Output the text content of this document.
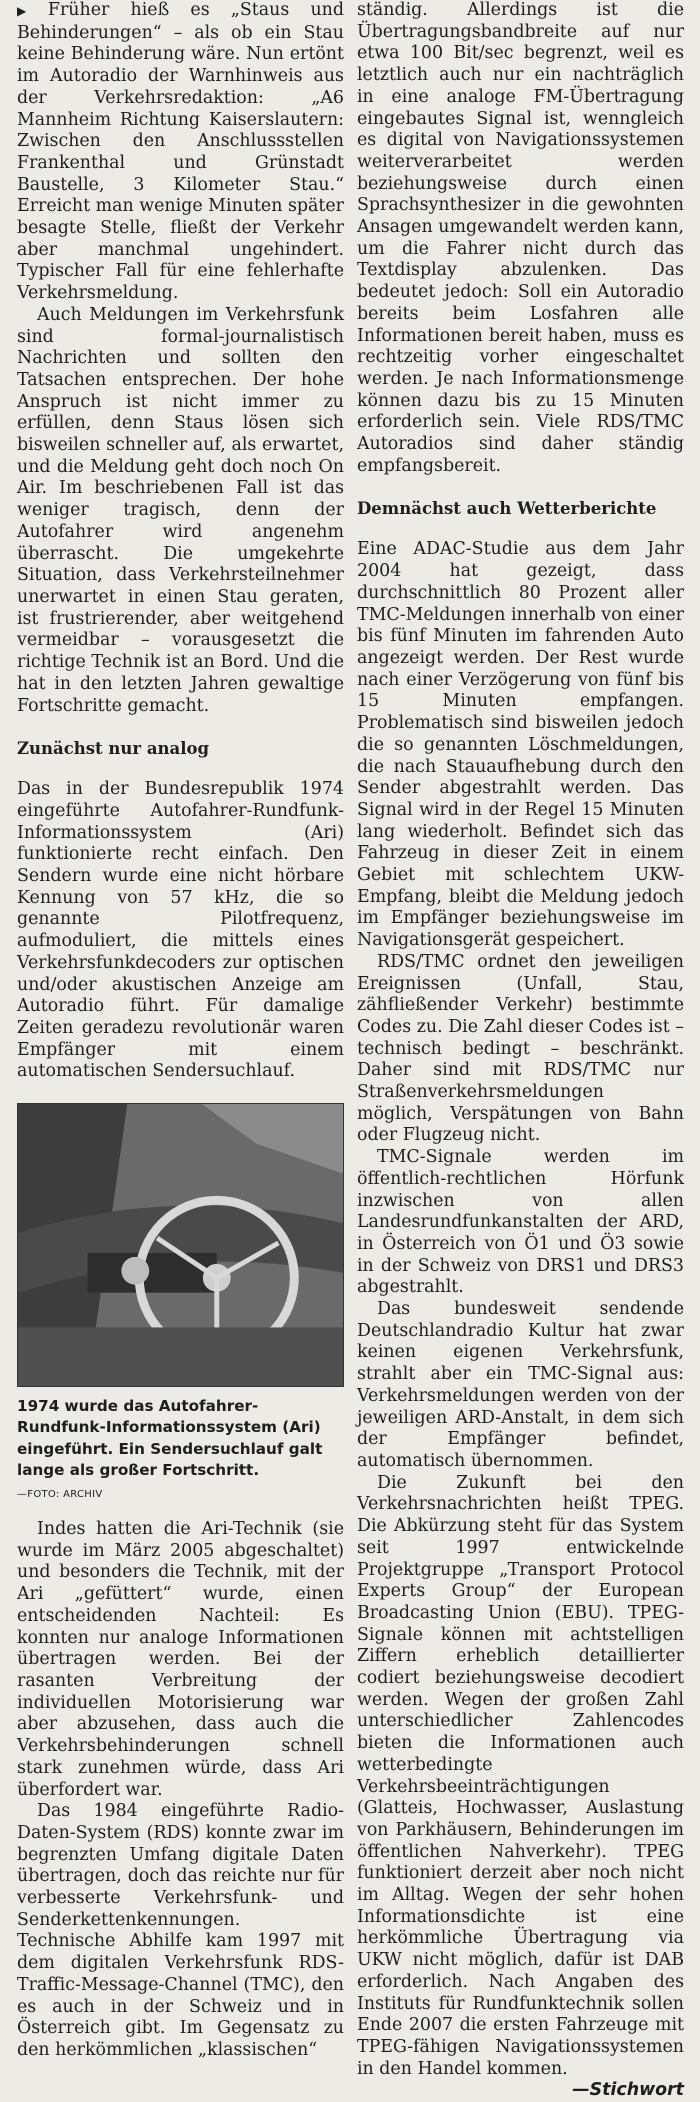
▶ Früher hieß es „Staus und Behinderungen“ – als ob ein Stau keine Behinderung wäre. Nun ertönt im Autoradio der Warnhinweis aus der Verkehrsredaktion: „A6 Mannheim Richtung Kaiserslautern: Zwischen den Anschlussstellen Frankenthal und Grünstadt Baustelle, 3 Kilometer Stau.“ Erreicht man wenige Minuten später besagte Stelle, fließt der Verkehr aber manchmal ungehindert. Typischer Fall für eine fehlerhafte Verkehrsmeldung.

Auch Meldungen im Verkehrsfunk sind formal-journalistisch Nachrichten und sollten den Tatsachen entsprechen. Der hohe Anspruch ist nicht immer zu erfüllen, denn Staus lösen sich bisweilen schneller auf, als erwartet, und die Meldung geht doch noch On Air. Im beschriebenen Fall ist das weniger tragisch, denn der Autofahrer wird angenehm überrascht. Die umgekehrte Situation, dass Verkehrsteilnehmer unerwartet in einen Stau geraten, ist frustrierender, aber weitgehend vermeidbar – vorausgesetzt die richtige Technik ist an Bord. Und die hat in den letzten Jahren gewaltige Fortschritte gemacht.

Zunächst nur analog

Das in der Bundesrepublik 1974 eingeführte Autofahrer-Rundfunk-Informationssystem (Ari) funktionierte recht einfach. Den Sendern wurde eine nicht hörbare Kennung von 57 kHz, die so genannte Pilotfrequenz, aufmoduliert, die mittels eines Verkehrsfunkdecoders zur optischen und/oder akustischen Anzeige am Autoradio führt. Für damalige Zeiten geradezu revolutionär waren Empfänger mit einem automatischen Sendersuchlauf.

1974 wurde das Autofahrer-Rundfunk-Informationssystem (Ari) eingeführt. Ein Sendersuchlauf galt lange als großer Fortschritt. —FOTO: ARCHIV

Indes hatten die Ari-Technik (sie wurde im März 2005 abgeschaltet) und besonders die Technik, mit der Ari „gefüttert“ wurde, einen entscheidenden Nachteil: Es konnten nur analoge Informationen übertragen werden. Bei der rasanten Verbreitung der individuellen Motorisierung war aber abzusehen, dass auch die Verkehrsbehinderungen schnell stark zunehmen würde, dass Ari überfordert war.

Das 1984 eingeführte Radio-Daten-System (RDS) konnte zwar im begrenzten Umfang digitale Daten übertragen, doch das reichte nur für verbesserte Verkehrsfunk- und Senderkettenkennungen. Technische Abhilfe kam 1997 mit dem digitalen Verkehrsfunk RDS-Traffic-Message-Channel (TMC), den es auch in der Schweiz und in Österreich gibt. Im Gegensatz zu den herkömmlichen „klassischen“

ständig. Allerdings ist die Übertragungsbandbreite auf nur etwa 100 Bit/sec begrenzt, weil es letztlich auch nur ein nachträglich in eine analoge FM-Übertragung eingebautes Signal ist, wenngleich es digital von Navigationssystemen weiterverarbeitet werden beziehungsweise durch einen Sprachsynthesizer in die gewohnten Ansagen umgewandelt werden kann, um die Fahrer nicht durch das Textdisplay abzulenken. Das bedeutet jedoch: Soll ein Autoradio bereits beim Losfahren alle Informationen bereit haben, muss es rechtzeitig vorher eingeschaltet werden. Je nach Informationsmenge können dazu bis zu 15 Minuten erforderlich sein. Viele RDS/TMC Autoradios sind daher ständig empfangsbereit.

Demnächst auch Wetterberichte

Eine ADAC-Studie aus dem Jahr 2004 hat gezeigt, dass durchschnittlich 80 Prozent aller TMC-Meldungen innerhalb von einer bis fünf Minuten im fahrenden Auto angezeigt werden. Der Rest wurde nach einer Verzögerung von fünf bis 15 Minuten empfangen. Problematisch sind bisweilen jedoch die so genannten Löschmeldungen, die nach Stauaufhebung durch den Sender abgestrahlt werden. Das Signal wird in der Regel 15 Minuten lang wiederholt. Befindet sich das Fahrzeug in dieser Zeit in einem Gebiet mit schlechtem UKW-Empfang, bleibt die Meldung jedoch im Empfänger beziehungsweise im Navigationsgerät gespeichert.

RDS/TMC ordnet den jeweiligen Ereignissen (Unfall, Stau, zähfließender Verkehr) bestimmte Codes zu. Die Zahl dieser Codes ist – technisch bedingt – beschränkt. Daher sind mit RDS/TMC nur Straßenverkehrsmeldungen möglich, Verspätungen von Bahn oder Flugzeug nicht.

TMC-Signale werden im öffentlich-rechtlichen Hörfunk inzwischen von allen Landesrundfunkanstalten der ARD, in Österreich von Ö1 und Ö3 sowie in der Schweiz von DRS1 und DRS3 abgestrahlt.

Das bundesweit sendende Deutschlandradio Kultur hat zwar keinen eigenen Verkehrsfunk, strahlt aber ein TMC-Signal aus: Verkehrsmeldungen werden von der jeweiligen ARD-Anstalt, in dem sich der Empfänger befindet, automatisch übernommen.

Die Zukunft bei den Verkehrsnachrichten heißt TPEG. Die Abkürzung steht für das System seit 1997 entwickelnde Projektgruppe „Transport Protocol Experts Group“ der European Broadcasting Union (EBU). TPEG-Signale können mit achtstelligen Ziffern erheblich detaillierter codiert beziehungsweise decodiert werden. Wegen der großen Zahl unterschiedlicher Zahlencodes bieten die Informationen auch wetterbedingte Verkehrsbeeinträchtigungen (Glatteis, Hochwasser, Auslastung von Parkhäusern, Behinderungen im öffentlichen Nahverkehr). TPEG funktioniert derzeit aber noch nicht im Alltag. Wegen der sehr hohen Informationsdichte ist eine herkömmliche Übertragung via UKW nicht möglich, dafür ist DAB erforderlich. Nach Angaben des Instituts für Rundfunktechnik sollen Ende 2007 die ersten Fahrzeuge mit TPEG-fähigen Navigationssystemen in den Handel kommen.
—Stichwort
